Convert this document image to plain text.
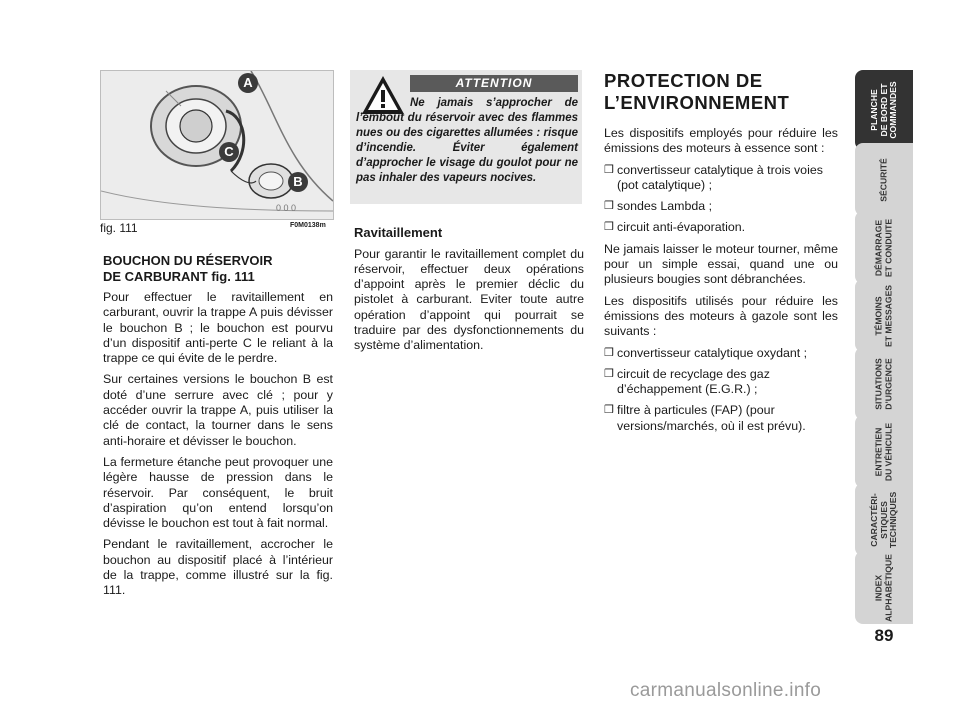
0 0 0
A
C
B
fig. 111	F0M0138m
BOUCHON DU RÉSERVOIR
DE CARBURANT fig. 111

Pour effectuer le ravitaillement en carburant, ouvrir la trappe A puis dévisser le bouchon B ; le bouchon est pourvu d’un dispositif anti-perte C le reliant à la trappe ce qui évite de le perdre.

Sur certaines versions le bouchon B est doté d’une serrure avec clé ; pour y accéder ouvrir la trappe A, puis utiliser la clé de contact, la tourner dans le sens anti-horaire et dévisser le bouchon.

La fermeture étanche peut provoquer une légère hausse de pression dans le réservoir. Par conséquent, le bruit d’aspiration qu’on entend lorsqu’on dévisse le bouchon est tout à fait normal.

Pendant le ravitaillement, accrocher le bouchon au dispositif placé à l’intérieur de la trappe, comme illustré sur la fig. 111.

ATTENTION
Ne jamais s’approcher de l’embout du réservoir avec des flammes nues ou des cigarettes allumées : risque d’incendie. Éviter également d’approcher le visage du goulot pour ne pas inhaler des vapeurs nocives.
Ravitaillement

Pour garantir le ravitaillement complet du réservoir, effectuer deux opérations d’appoint après le premier déclic du pistolet à carburant. Eviter toute autre opération d’appoint qui pourrait se traduire par des dysfonctionnements du système d’alimentation.

PROTECTION DE
L’ENVIRONNEMENT

Les dispositifs employés pour réduire les émissions des moteurs à essence sont :

❒ convertisseur catalytique à trois voies (pot catalytique) ;
❒ sondes Lambda ;
❒ circuit anti-évaporation.

Ne jamais laisser le moteur tourner, même pour un simple essai, quand une ou plusieurs bougies sont débranchées.

Les dispositifs utilisés pour réduire les émissions des moteurs à gazole sont les suivants :

❒ convertisseur catalytique oxydant ;
❒ circuit de recyclage des gaz d’échappement (E.G.R.) ;
❒ filtre à particules (FAP) (pour versions/marchés, où il est prévu).
PLANCHE
DE BORD ET
COMMANDES
SÉCURITÉ
DÉMARRAGE
ET CONDUITE
TÉMOINS
ET MESSAGES
SITUATIONS
D’URGENCE
ENTRETIEN
DU VÉHICULE
CARACTÉRI-
STIQUES
TECHNIQUES
INDEX
ALPHABÉTIQUE
89
carmanualsonline.info
